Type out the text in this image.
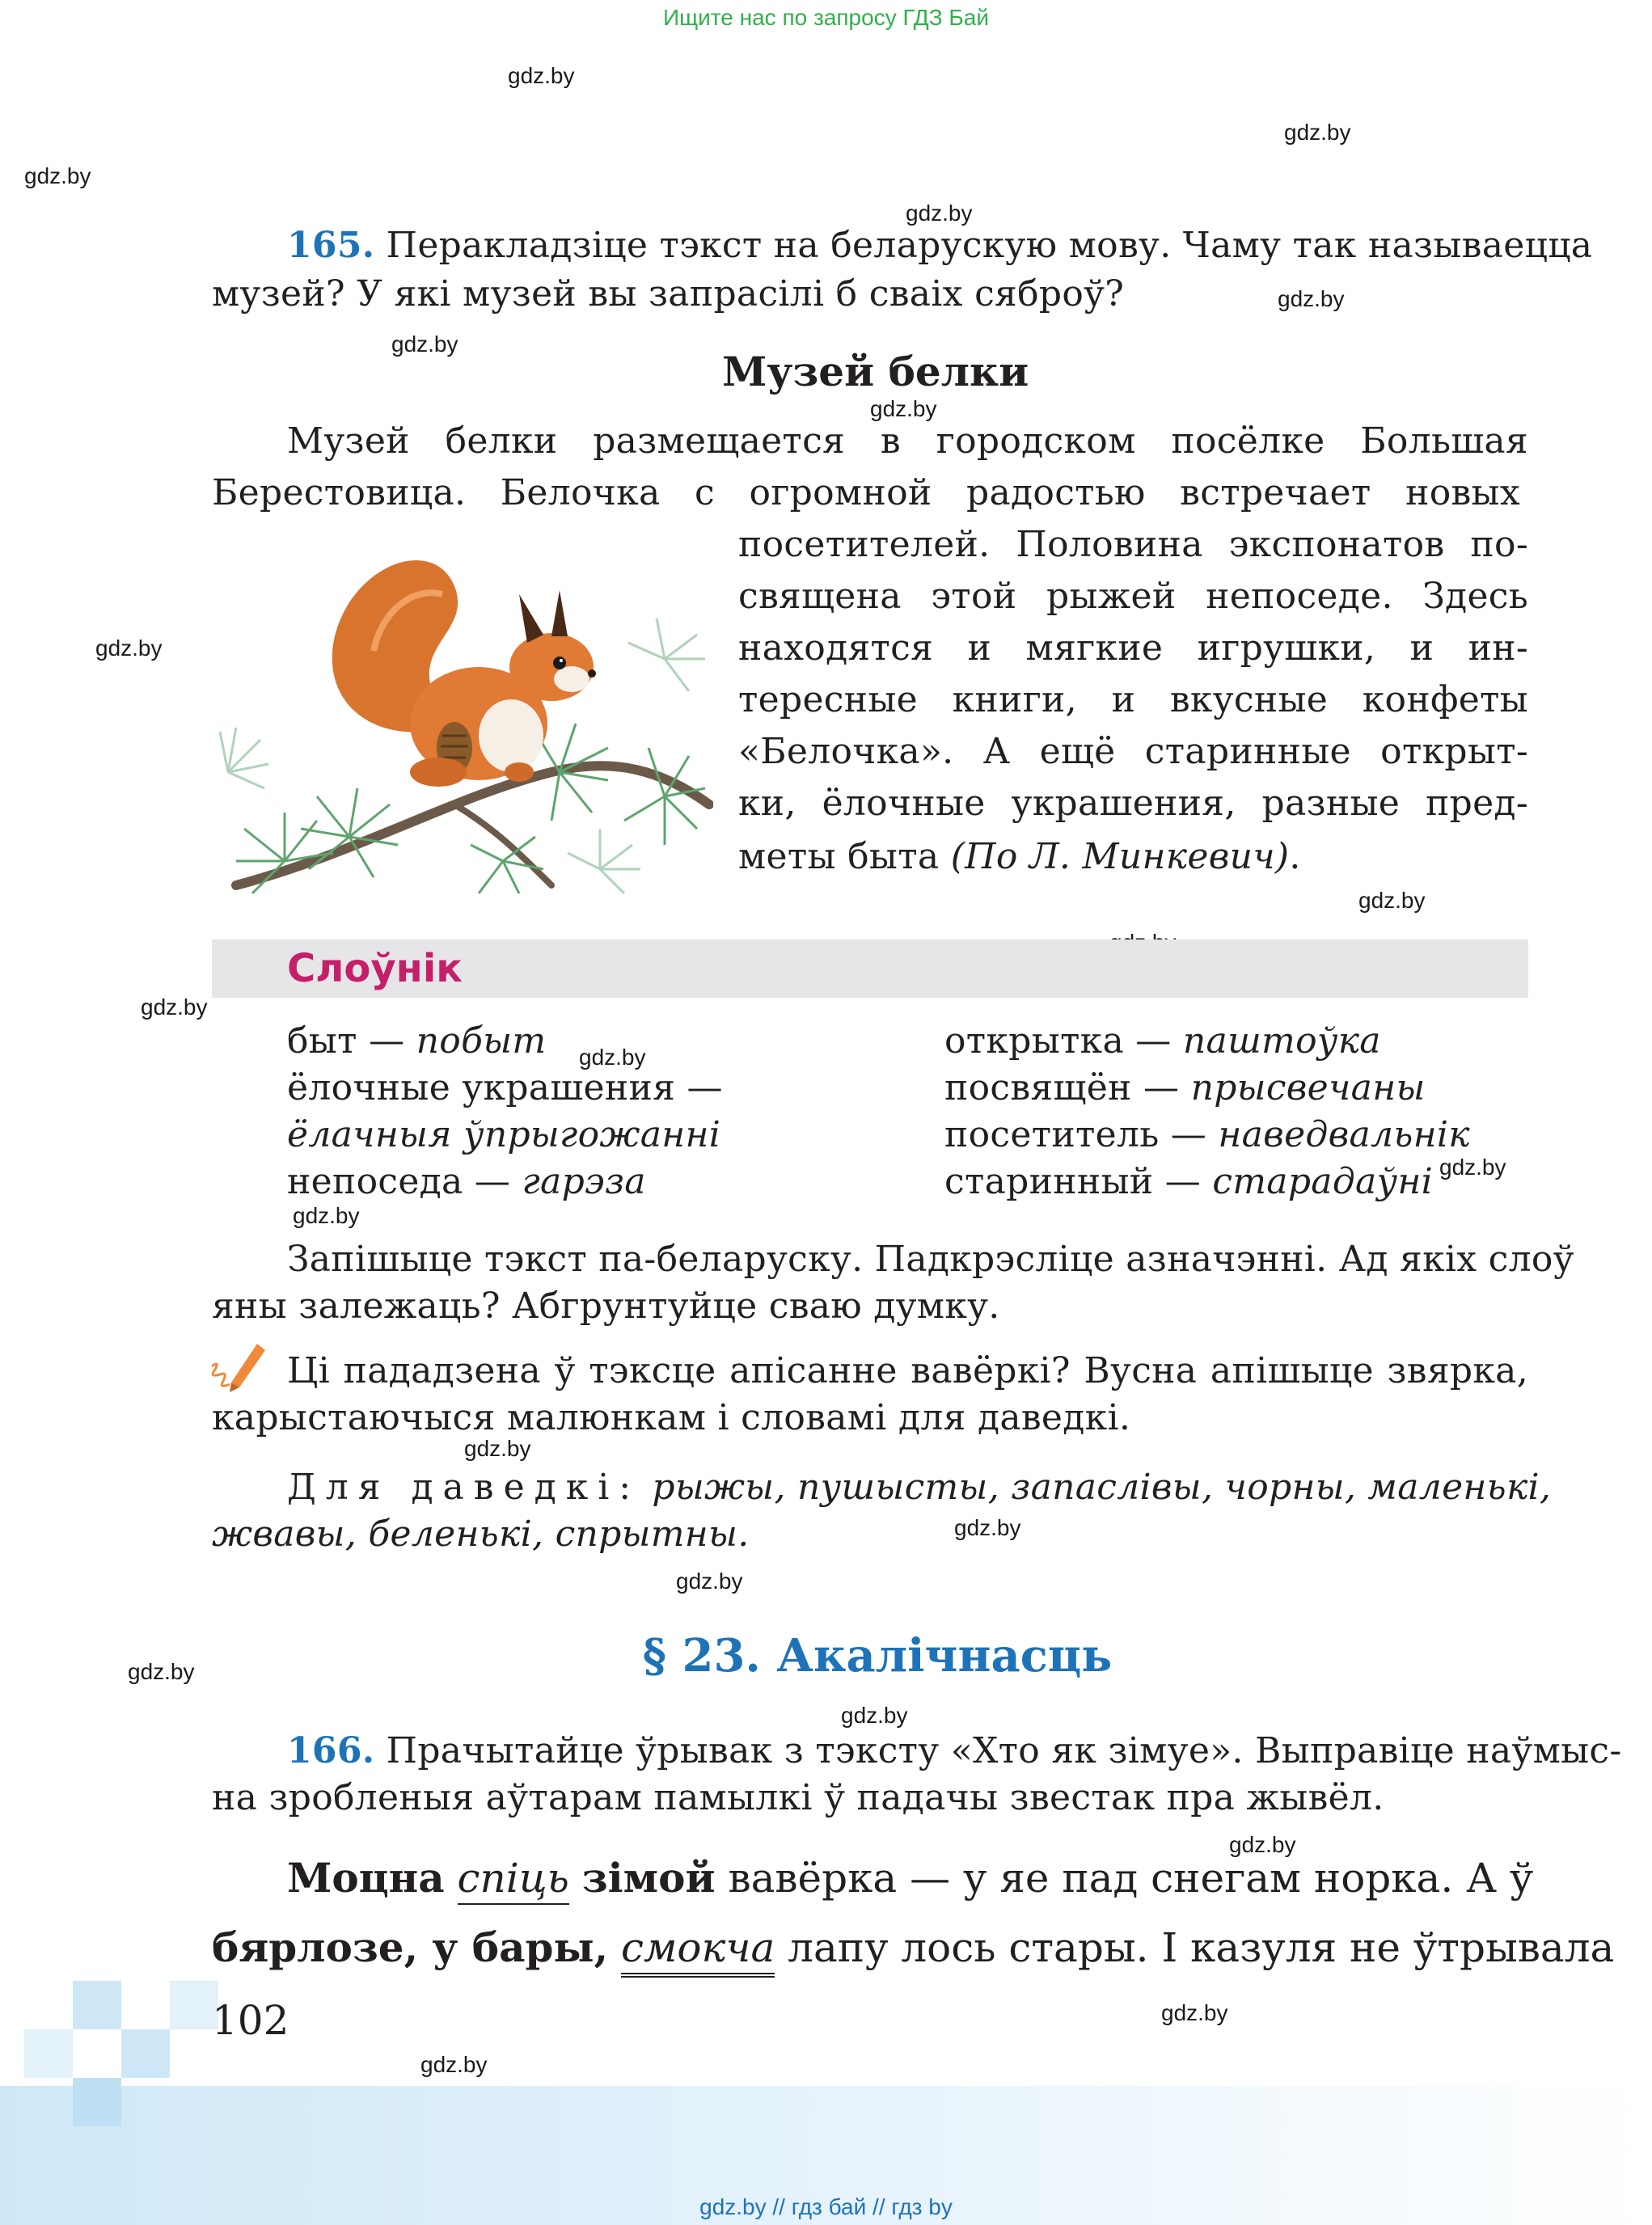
Ищите нас по запросу ГДЗ Бай
gdz.by
gdz.by
gdz.by
gdz.by
gdz.by
gdz.by
gdz.by
gdz.by
gdz.by
gdz.by
gdz.by
gdz.by
gdz.by
gdz.by
gdz.by
gdz.by
gdz.by
gdz.by
gdz.by
gdz.by
gdz.by
165. Перакладзіце тэкст на беларускую мову. Чаму так называецца
музей? У які музей вы запрасілі б сваіх сяброў?
Музей белки
Музей белки размещается в городском посёлке Большая
Берестовица. Белочка с огромной радостью встречает новых
посетителей. Половина экспонатов по-
священа этой рыжей непоседе. Здесь
находятся и мягкие игрушки, и ин-
тересные книги, и вкусные конфеты
«Белочка». А ещё старинные открыт-
ки, ёлочные украшения, разные пред-
меты быта (По Л. Минкевич).
Слоўнік
быт — побыт
ёлочные украшения —
ёлачныя ўпрыгожанні
непоседа — гарэза
открытка — паштоўка
посвящён — прысвечаны
посетитель — наведвальнік
старинный — старадаўні
Запішыце тэкст па-беларуску. Падкрэсліце азначэнні. Ад якіх слоў
яны залежаць? Абгрунтуйце сваю думку.
Ці пададзена ў тэксце апісанне вавёркі? Вусна апішыце звярка,
карыстаючыся малюнкам і словамі для даведкі.
Для даведкі: рыжы, пушысты, запаслівы, чорны, маленькі,
жвавы, беленькі, спрытны.
§ 23. Акалічнасць
166. Прачытайце ўрывак з тэксту «Хто як зімуе». Выправіце наўмыс-
на зробленыя аўтарам памылкі ў падачы звестак пра жывёл.
Моцна спіць зімой вавёрка — у яе пад снегам норка. А ў
бярлозе, у бары, смокча лапу лось стары. І казуля не ўтрывала
102
gdz.by // гдз бай // гдз by
